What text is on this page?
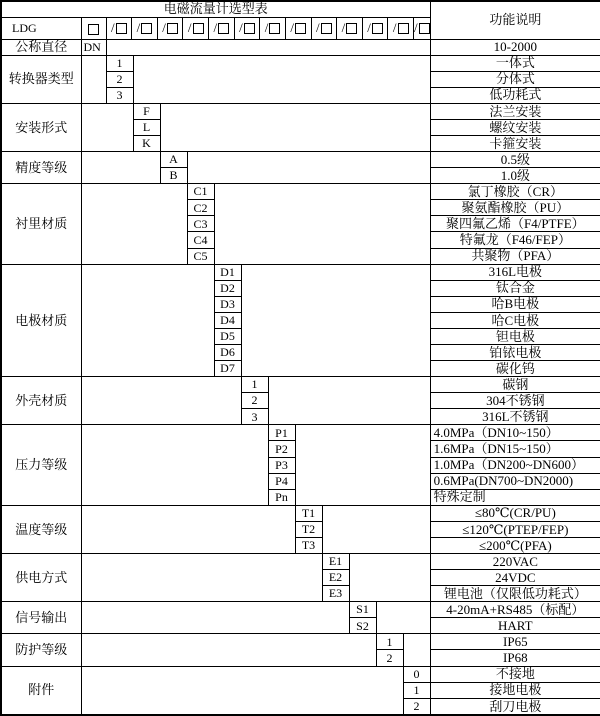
电磁流量计选型表														功能说明
LDG		/	/	/	/	/	/	/	/	/	/	/	/	/

公称直径	DN													10-2000
转换器类型		1												一体式
		2												分体式
		3												低功耗式
安装形式			F											法兰安装
			L											螺纹安装
			K											卡箍安装
精度等级				A										0.5级
				B										1.0级
衬里材质					C1									氯丁橡胶（CR）
					C2									聚氨酯橡胶（PU）
					C3									聚四氟乙烯（F4/PTFE）
					C4									特氟龙（F46/FEP）
					C5									共聚物（PFA）
电极材质						D1								316L电极
						D2								钛合金
						D3								哈B电极
						D4								哈C电极
						D5								钽电极
						D6								铂铱电极
						D7								碳化钨
外壳材质							1							碳钢
							2							304不锈钢
							3							316L不锈钢
压力等级								P1						4.0MPa（DN10~150）
								P2						1.6MPa（DN15~150）
								P3						1.0MPa（DN200~DN600）
								P4						0.6MPa(DN700~DN2000)
								Pn						特殊定制
温度等级									T1					≤80℃(CR/PU)
									T2					≤120℃(PTEP/FEP)
									T3					≤200℃(PFA)
供电方式										E1				220VAC
										E2				24VDC
										E3				锂电池（仅限低功耗式）
信号输出											S1			4-20mA+RS485（标配）
											S2			HART
防护等级												1		IP65
												2		IP68
附件													0	不接地
													1	接地电极
													2	刮刀电极
